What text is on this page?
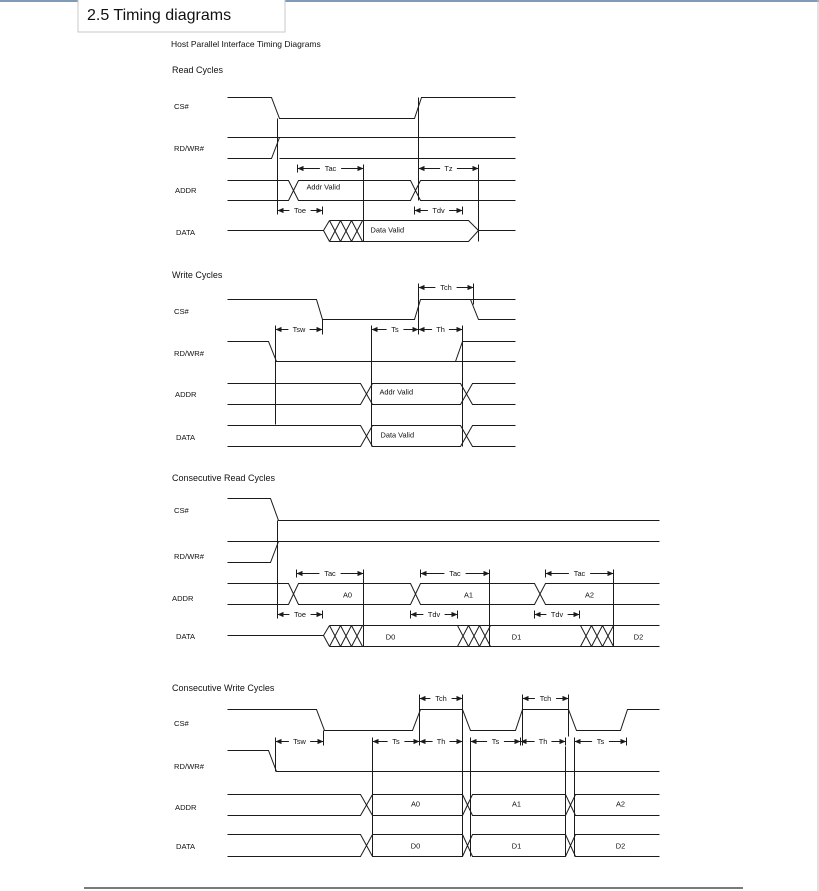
2.5 Timing diagrams
Host Parallel Interface Timing Diagrams
Read Cycles
CS#
RD/WR#
ADDR
DATA
Write Cycles
CS#
RD/WR#
ADDR
DATA
Consecutive Read Cycles
CS#
RD/WR#
ADDR
DATA
Consecutive Write Cycles
CS#
RD/WR#
ADDR
DATA
Addr Valid
Data Valid
Tac	Tz
Toe	Tdv
Addr Valid
Data Valid
Tch
Tsw	Ts	Th
A0	A1	A2
D0	D1	D2
Tac	Tac	Tac
Toe	Tdv	Tdv
A0	A1	A2
D0	D1	D2
Tch	Tch
Tsw	Ts	Th	Ts	Th	Ts
